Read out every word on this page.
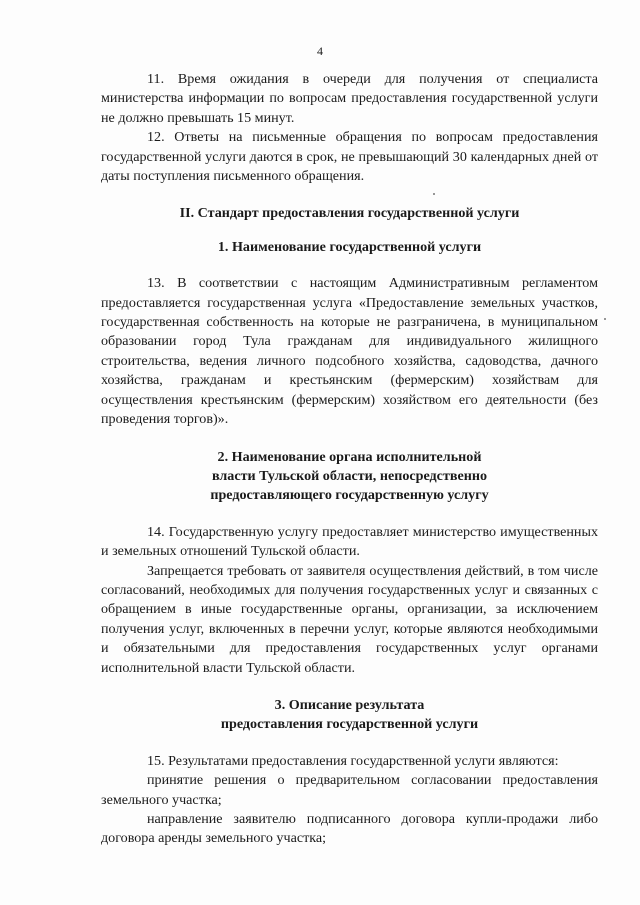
4

11. Время ожидания в очереди для получения от специалиста министерства информации по вопросам предоставления государственной услуги не должно превышать 15 минут.

12. Ответы на письменные обращения по вопросам предоставления государственной услуги даются в срок, не превышающий 30 календарных дней от даты поступления письменного обращения.

II. Стандарт предоставления государственной услуги

1. Наименование государственной услуги

13. В соответствии с настоящим Административным регламентом предоставляется государственная услуга «Предоставление земельных участков, государственная собственность на которые не разграничена, в муниципальном образовании город Тула гражданам для индивидуального жилищного строительства, ведения личного подсобного хозяйства, садоводства, дачного хозяйства, гражданам и крестьянским (фермерским) хозяйствам для осуществления крестьянским (фермерским) хозяйством его деятельности (без проведения торгов)».

2. Наименование органа исполнительной

власти Тульской области, непосредственно

предоставляющего государственную услугу

14. Государственную услугу предоставляет министерство имущественных и земельных отношений Тульской области.

Запрещается требовать от заявителя осуществления действий, в том числе согласований, необходимых для получения государственных услуг и связанных с обращением в иные государственные органы, организации, за исключением получения услуг, включенных в перечни услуг, которые являются необходимыми и обязательными для предоставления государственных услуг органами исполнительной власти Тульской области.

3. Описание результата

предоставления государственной услуги

15. Результатами предоставления государственной услуги являются:

принятие решения о предварительном согласовании предоставления земельного участка;

направление заявителю подписанного договора купли-продажи либо договора аренды земельного участка;
